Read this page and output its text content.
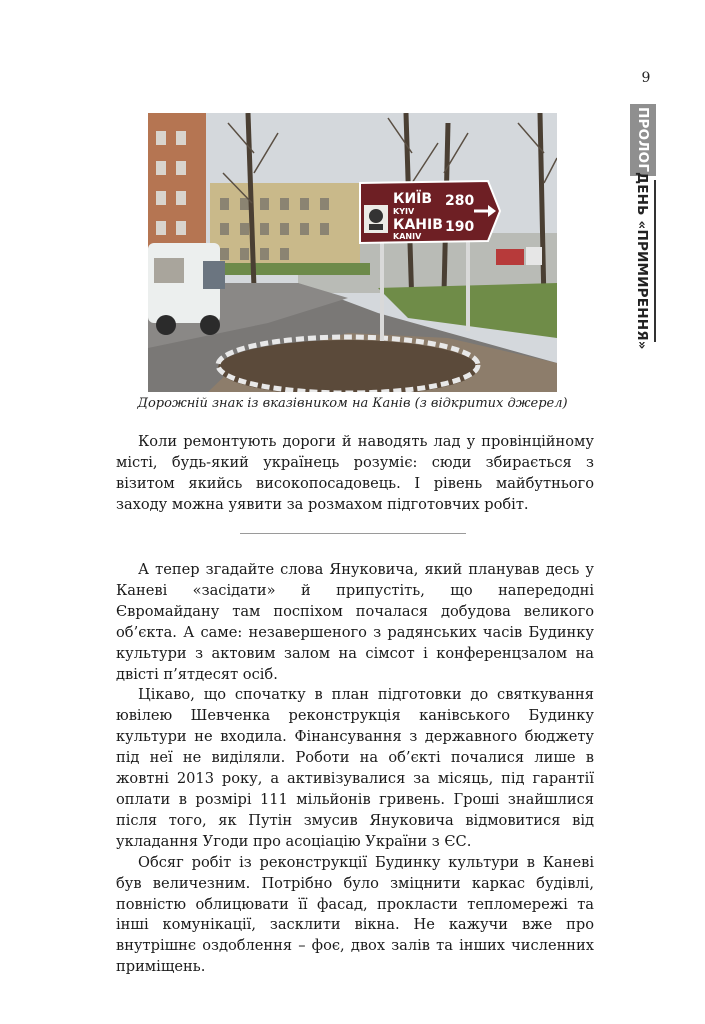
9
ПРОЛОГ
ДЕНЬ «ПРИМИРЕННЯ»
КИЇВ
KYIV
280
КАНІВ
KANIV
190
Дорожній знак із вказівником на Канів (з відкритих джерел)

Коли ремонтують дороги й наводять лад у провінційному місті, будь-який українець розуміє: сюди збирається з візитом якийсь високопосадовець. І рівень майбутнього заходу можна уявити за розмахом підготовчих робіт.

А тепер згадайте слова Януковича, який планував десь у Каневі «засідати» й припустіть, що напередодні Євромайдану там поспіхом почалася добудова великого об’єкта. А саме: незавершеного з радянських часів Будинку культури з актовим залом на сімсот і конференцзалом на двісті п’ятдесят осіб.

Цікаво, що спочатку в план підготовки до святкування ювілею Шевченка реконструкція канівського Будинку культури не входила. Фінансування з державного бюджету під неї не виділяли. Роботи на об’єкті почалися лише в жовтні 2013 року, а активізувалися за місяць, під гарантії оплати в розмірі 111 мільйонів гривень. Гроші знайшлися після того, як Путін змусив Януковича відмовитися від укладання Угоди про асоціацію України з ЄС.

Обсяг робіт із реконструкції Будинку культури в Каневі був величезним. Потрібно було зміцнити каркас будівлі, повністю облицювати її фасад, прокласти тепломережі та інші комунікації, засклити вікна. Не кажучи вже про внутрішнє оздоблення – фоє, двох залів та інших численних приміщень.
